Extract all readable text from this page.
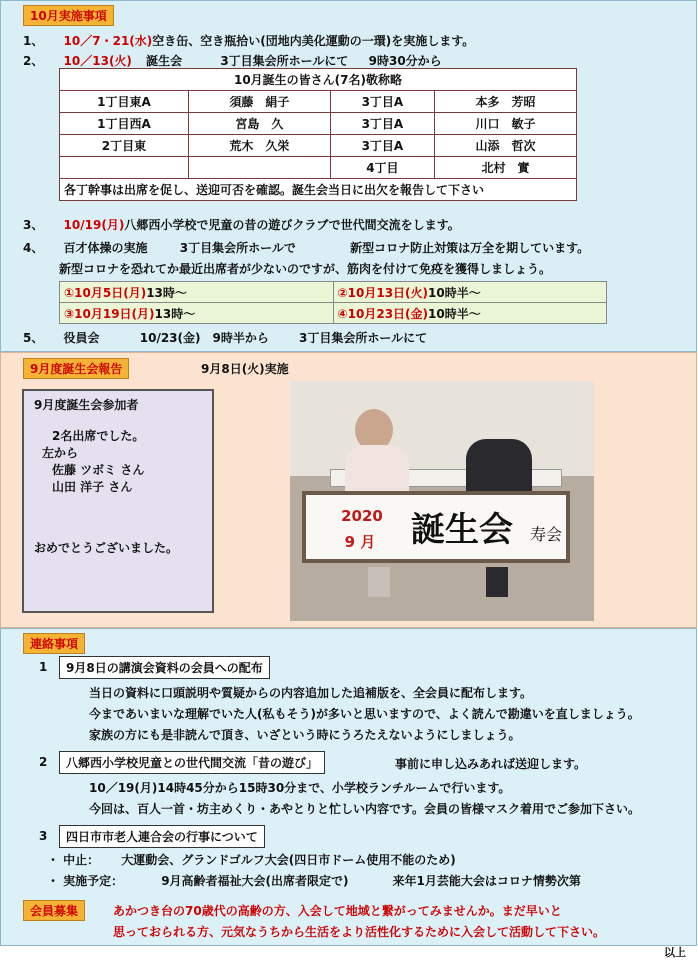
10月実施事項
1、 10／7・21(水)空き缶、空き瓶拾い(団地内美化運動の一環)を実施します。
2、 10／13(火) 誕生会	3丁目集会所ホールにて 9時30分から
10月誕生の皆さん(7名)敬称略			
1丁目東A	須藤　絹子	3丁目A	本多　芳昭
1丁目西A	宮島　久	3丁目A	川口　敏子
2丁目東	荒木　久栄	3丁目A	山添　哲次
		4丁目	北村　實
各丁幹事は出席を促し、送迎可否を確認。誕生会当日に出欠を報告して下さい			
3、 10/19(月)八郷西小学校で児童の昔の遊びクラブで世代間交流をします。
4、 百才体操の実施	3丁目集会所ホールで	新型コロナ防止対策は万全を期しています。
新型コロナを恐れてか最近出席者が少ないのですが、筋肉を付けて免疫を獲得しましょう。
①10月5日(月)13時～	②10月13日(火)10時半～
③10月19日(月)13時～	④10月23日(金)10時半～
5、 役員会	10/23(金)　9時半から	3丁目集会所ホールにて
9月度誕生会報告	9月8日(火)実施
9月度誕生会参加者
2名出席でした。
左から
佐藤 ツボミ さん
山田 洋子 さん
おめでとうございました。
2020
9 月 誕生会 寿会
連絡事項
1	9月8日の講演会資料の会員への配布
当日の資料に口頭説明や質疑からの内容追加した追補版を、全会員に配布します。
今まであいまいな理解でいた人(私もそう)が多いと思いますので、よく読んで勘違いを直しましょう。
家族の方にも是非読んで頂き、いざという時にうろたえないようにしましょう。
2	八郷西小学校児童との世代間交流「昔の遊び」	事前に申し込みあれば送迎します。
10／19(月)14時45分から15時30分まで、小学校ランチルームで行います。
今回は、百人一首・坊主めくり・あやとりと忙しい内容です。会員の皆様マスク着用でご参加下さい。
3	四日市市老人連合会の行事について
・ 中止： 大運動会、グランドゴルフ大会(四日市ドーム使用不能のため)
・ 実施予定：	9月高齢者福祉大会(出席者限定で)	来年1月芸能大会はコロナ情勢次第
会員募集	あかつき台の70歳代の高齢の方、入会して地域と繋がってみませんか。まだ早いと
思っておられる方、元気なうちから生活をより活性化するために入会して活動して下さい。
以上
